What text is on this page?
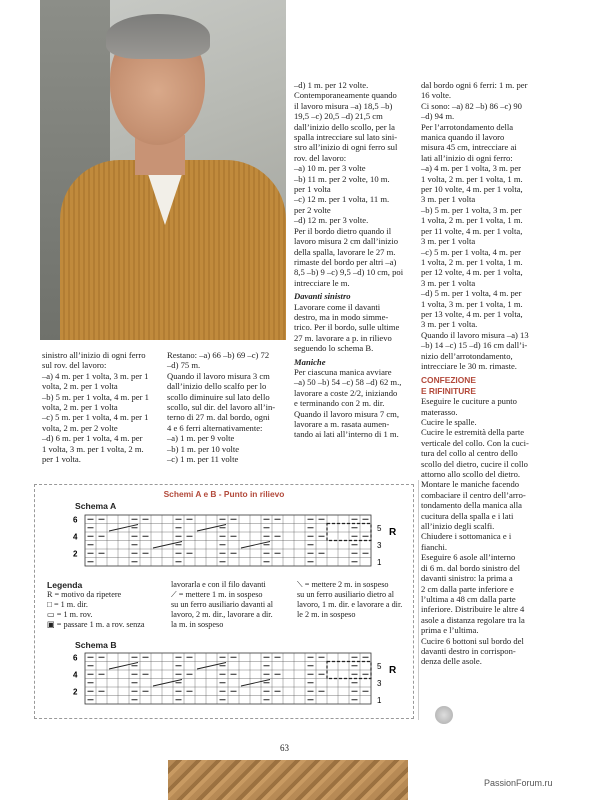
sinistro all’inizio di ogni ferro

sul rov. del lavoro:

–a) 4 m. per 1 volta, 3 m. per 1

volta, 2 m. per 1 volta

–b) 5 m. per 1 volta, 4 m. per 1

volta, 2 m. per 1 volta

–c) 5 m. per 1 volta, 4 m. per 1

volta, 2 m. per 2 volte

–d) 6 m. per 1 volta, 4 m. per

1 volta, 3 m. per 1 volta, 2 m.

per 1 volta.

Restano: –a) 66 –b) 69 –c) 72

–d) 75 m.

Quando il lavoro misura 3 cm

dall’inizio dello scalfo per lo

scollo diminuire sul lato dello

scollo, sul dir. del lavoro all’in-

terno di 27 m. dal bordo, ogni

4 e 6 ferri alternativamente:

–a) 1 m. per 9 volte

–b) 1 m. per 10 volte

–c) 1 m. per 11 volte

–d) 1 m. per 12 volte.

Contemporaneamente quando

il lavoro misura –a) 18,5 –b)

19,5 –c) 20,5 –d) 21,5 cm

dall’inizio dello scollo, per la

spalla intrecciare sul lato sini-

stro all’inizio di ogni ferro sul

rov. del lavoro:

–a) 10 m. per 3 volte

–b) 11 m. per 2 volte, 10 m.

per 1 volta

–c) 12 m. per 1 volta, 11 m.

per 2 volte

–d) 12 m. per 3 volte.

Per il bordo dietro quando il

lavoro misura 2 cm dall’inizio

della spalla, lavorare le 27 m.

rimaste del bordo per altri –a)

8,5 –b) 9 –c) 9,5 –d) 10 cm, poi

intrecciare le m.

Davanti sinistro

Lavorare come il davanti

destro, ma in modo simme-

trico. Per il bordo, sulle ultime

27 m. lavorare a p. in rilievo

seguendo lo schema B.

Maniche

Per ciascuna manica avviare

–a) 50 –b) 54 –c) 58 –d) 62 m.,

lavorare a coste 2/2, iniziando

e terminando con 2 m. dir.

Quando il lavoro misura 7 cm,

lavorare a m. rasata aumen-

tando ai lati all’interno di 1 m.

dal bordo ogni 6 ferri: 1 m. per

16 volte.

Ci sono: –a) 82 –b) 86 –c) 90

–d) 94 m.

Per l’arrotondamento della

manica quando il lavoro

misura 45 cm, intrecciare ai

lati all’inizio di ogni ferro:

–a) 4 m. per 1 volta, 3 m. per

1 volta, 2 m. per 1 volta, 1 m.

per 10 volte, 4 m. per 1 volta,

3 m. per 1 volta

–b) 5 m. per 1 volta, 3 m. per

1 volta, 2 m. per 1 volta, 1 m.

per 11 volte, 4 m. per 1 volta,

3 m. per 1 volta

–c) 5 m. per 1 volta, 4 m. per

1 volta, 2 m. per 1 volta, 1 m.

per 12 volte, 4 m. per 1 volta,

3 m. per 1 volta

–d) 5 m. per 1 volta, 4 m. per

1 volta, 3 m. per 1 volta, 1 m.

per 13 volte, 4 m. per 1 volta,

3 m. per 1 volta.

Quando il lavoro misura –a) 13

–b) 14 –c) 15 –d) 16 cm dall’i-

nizio dell’arrotondamento,

intrecciare le 30 m. rimaste.

CONFEZIONE

E RIFINITURE

Eseguire le cuciture a punto

materasso.

Cucire le spalle.

Cucire le estremità della parte

verticale del collo. Con la cuci-

tura del collo al centro dello

scollo del dietro, cucire il collo

attorno allo scollo del dietro.

Montare le maniche facendo

combaciare il centro dell’arro-

tondamento della manica alla

cucitura della spalla e i lati

all’inizio degli scalfi.

Chiudere i sottomanica e i

fianchi.

Eseguire 6 asole all’interno

di 6 m. dal bordo sinistro del

davanti sinistro: la prima a

2 cm dalla parte inferiore e

l’ultima a 48 cm dalla parte

inferiore. Distribuire le altre 4

asole a distanza regolare tra la

prima e l’ultima.

Cucire 6 bottoni sul bordo del

davanti destro in corrispon-

denza delle asole.

Schemi A e B - Punto in rilievo
Schema A
6
4
2
5
3
1
R

Legenda

R = motivo da ripetere

□ = 1 m. dir.

▭ = 1 m. rov.

▣ = passare 1 m. a rov. senza

lavorarla e con il filo davanti

⟋ = mettere 1 m. in sospeso

su un ferro ausiliario davanti al

lavoro, 2 m. dir., lavorare a dir.

la m. in sospeso

⟍ = mettere 2 m. in sospeso

su un ferro ausiliario dietro al

lavoro, 1 m. dir. e lavorare a dir.

le 2 m. in sospeso

Schema B
6
4
2
5
3
1
R
63
PassionForum.ru
